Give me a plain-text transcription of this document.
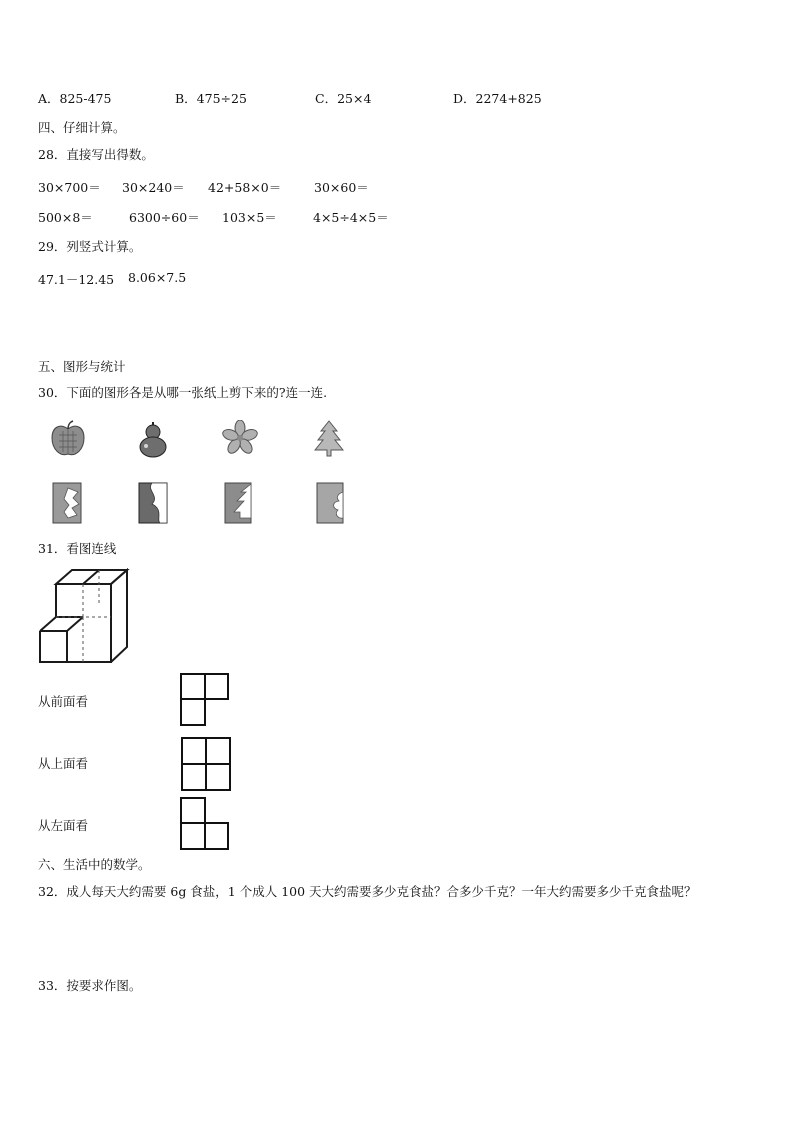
A．825-475	B．475÷25	C．25×4	D．2274+825
四、仔细计算。
28．直接写出得数。
30×700＝ 30×240＝ 42+58×0＝	30×60＝
500×8＝	6300÷60＝ 103×5＝	4×5÷4×5＝
29．列竖式计算。
47.1－12.45 8.06×7.5
五、图形与统计
30．下面的图形各是从哪一张纸上剪下来的?连一连.
31．看图连线
从前面看
从上面看
从左面看
六、生活中的数学。
32．成人每天大约需要 6g 食盐，1 个成人 100 天大约需要多少克食盐？合多少千克？一年大约需要多少千克食盐呢？
33．按要求作图。
